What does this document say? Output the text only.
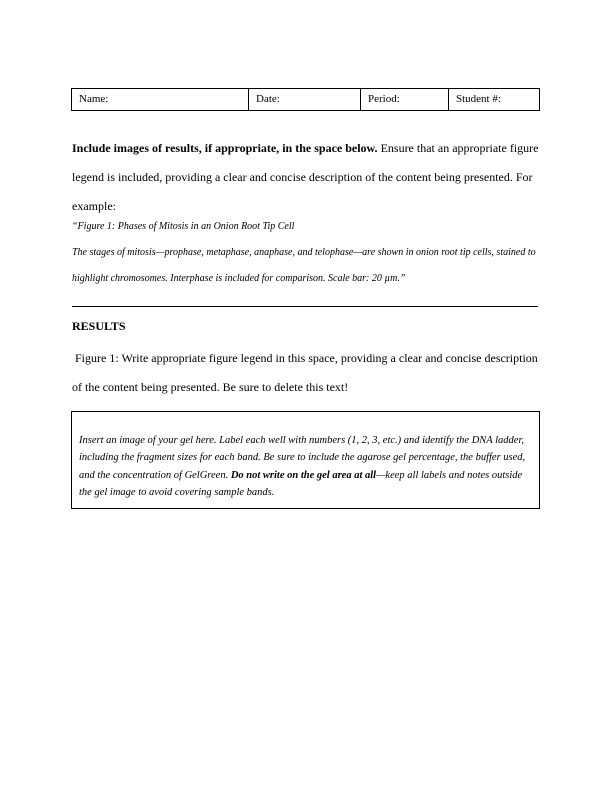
Name:	Date:	Period:	Student #:

Include images of results, if appropriate, in the space below. Ensure that an appropriate figure legend is included, providing a clear and concise description of the content being presented. For example:

“Figure 1: Phases of Mitosis in an Onion Root Tip Cell
The stages of mitosis—prophase, metaphase, anaphase, and telophase—are shown in onion root tip cells, stained to highlight chromosomes. Interphase is included for comparison. Scale bar: 20 µm.”
RESULTS

Figure 1: Write appropriate figure legend in this space, providing a clear and concise description of the content being presented. Be sure to delete this text!

Insert an image of your gel here. Label each well with numbers (1, 2, 3, etc.) and identify the DNA ladder, including the fragment sizes for each band. Be sure to include the agarose gel percentage, the buffer used, and the concentration of GelGreen. Do not write on the gel area at all—keep all labels and notes outside the gel image to avoid covering sample bands.
